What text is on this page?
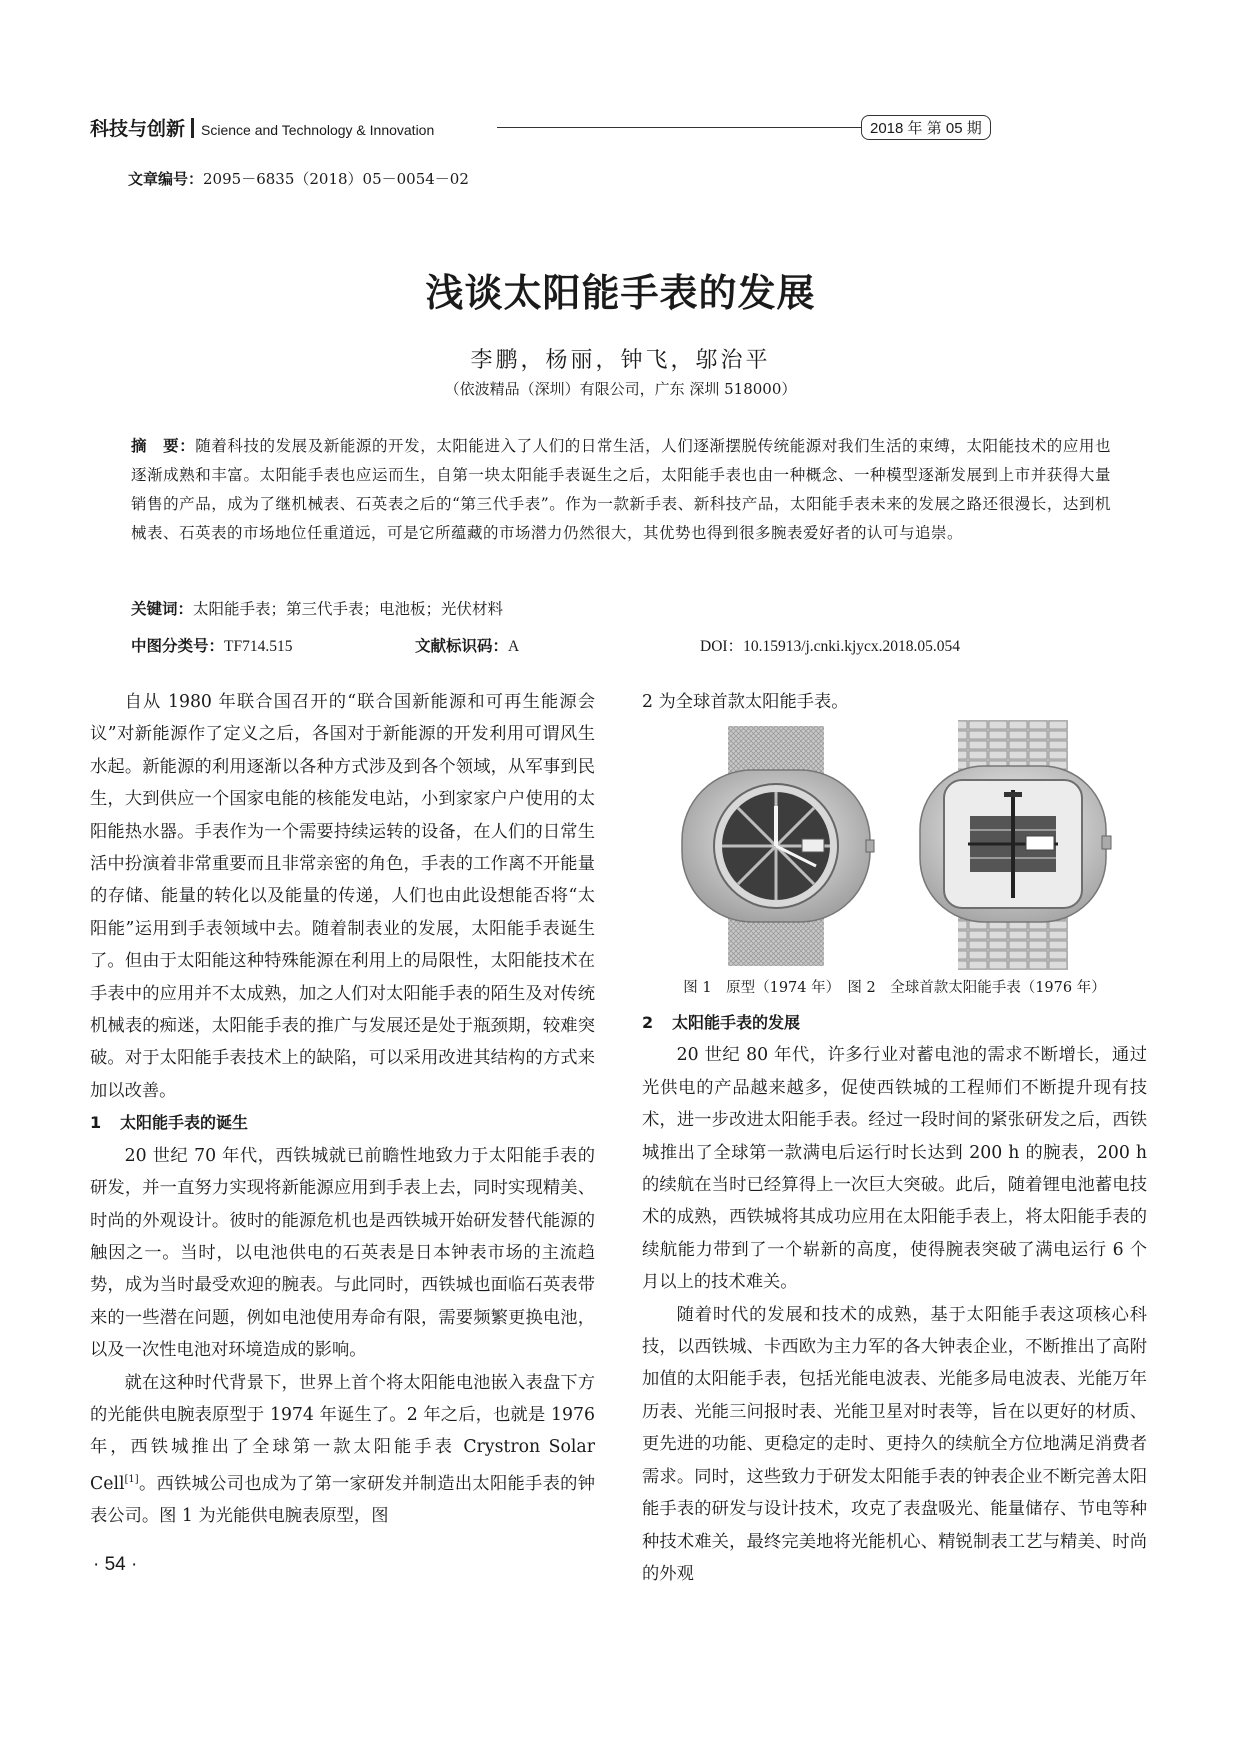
科技与创新 Science and Technology & Innovation	2018 年 第 05 期
文章编号：2095－6835（2018）05－0054－02
浅谈太阳能手表的发展
李鹏，杨丽，钟飞，邬治平
（依波精品（深圳）有限公司，广东 深圳 518000）
摘　要：随着科技的发展及新能源的开发，太阳能进入了人们的日常生活，人们逐渐摆脱传统能源对我们生活的束缚，太阳能技术的应用也逐渐成熟和丰富。太阳能手表也应运而生，自第一块太阳能手表诞生之后，太阳能手表也由一种概念、一种模型逐渐发展到上市并获得大量销售的产品，成为了继机械表、石英表之后的“第三代手表”。作为一款新手表、新科技产品，太阳能手表未来的发展之路还很漫长，达到机械表、石英表的市场地位任重道远，可是它所蕴藏的市场潜力仍然很大，其优势也得到很多腕表爱好者的认可与追崇。
关键词：太阳能手表；第三代手表；电池板；光伏材料
中图分类号：TF714.515	文献标识码：A	DOI：10.15913/j.cnki.kjycx.2018.05.054

自从 1980 年联合国召开的“联合国新能源和可再生能源会议”对新能源作了定义之后，各国对于新能源的开发利用可谓风生水起。新能源的利用逐渐以各种方式涉及到各个领域，从军事到民生，大到供应一个国家电能的核能发电站，小到家家户户使用的太阳能热水器。手表作为一个需要持续运转的设备，在人们的日常生活中扮演着非常重要而且非常亲密的角色，手表的工作离不开能量的存储、能量的转化以及能量的传递，人们也由此设想能否将“太阳能”运用到手表领域中去。随着制表业的发展，太阳能手表诞生了。但由于太阳能这种特殊能源在利用上的局限性，太阳能技术在手表中的应用并不太成熟，加之人们对太阳能手表的陌生及对传统机械表的痴迷，太阳能手表的推广与发展还是处于瓶颈期，较难突破。对于太阳能手表技术上的缺陷，可以采用改进其结构的方式来加以改善。

1 太阳能手表的诞生

20 世纪 70 年代，西铁城就已前瞻性地致力于太阳能手表的研发，并一直努力实现将新能源应用到手表上去，同时实现精美、时尚的外观设计。彼时的能源危机也是西铁城开始研发替代能源的触因之一。当时，以电池供电的石英表是日本钟表市场的主流趋势，成为当时最受欢迎的腕表。与此同时，西铁城也面临石英表带来的一些潜在问题，例如电池使用寿命有限，需要频繁更换电池，以及一次性电池对环境造成的影响。

就在这种时代背景下，世界上首个将太阳能电池嵌入表盘下方的光能供电腕表原型于 1974 年诞生了。2 年之后，也就是 1976 年，西铁城推出了全球第一款太阳能手表 Crystron Solar Cell[1]。西铁城公司也成为了第一家研发并制造出太阳能手表的钟表公司。图 1 为光能供电腕表原型，图

2 为全球首款太阳能手表。

图 1　原型（1974 年）　图 2　全球首款太阳能手表（1976 年）
2 太阳能手表的发展

20 世纪 80 年代，许多行业对蓄电池的需求不断增长，通过光供电的产品越来越多，促使西铁城的工程师们不断提升现有技术，进一步改进太阳能手表。经过一段时间的紧张研发之后，西铁城推出了全球第一款满电后运行时长达到 200 h 的腕表，200 h 的续航在当时已经算得上一次巨大突破。此后，随着锂电池蓄电技术的成熟，西铁城将其成功应用在太阳能手表上，将太阳能手表的续航能力带到了一个崭新的高度，使得腕表突破了满电运行 6 个月以上的技术难关。

随着时代的发展和技术的成熟，基于太阳能手表这项核心科技，以西铁城、卡西欧为主力军的各大钟表企业，不断推出了高附加值的太阳能手表，包括光能电波表、光能多局电波表、光能万年历表、光能三问报时表、光能卫星对时表等，旨在以更好的材质、更先进的功能、更稳定的走时、更持久的续航全方位地满足消费者需求。同时，这些致力于研发太阳能手表的钟表企业不断完善太阳能手表的研发与设计技术，攻克了表盘吸光、能量储存、节电等种种技术难关，最终完美地将光能机心、精锐制表工艺与精美、时尚的外观

· 54 ·
